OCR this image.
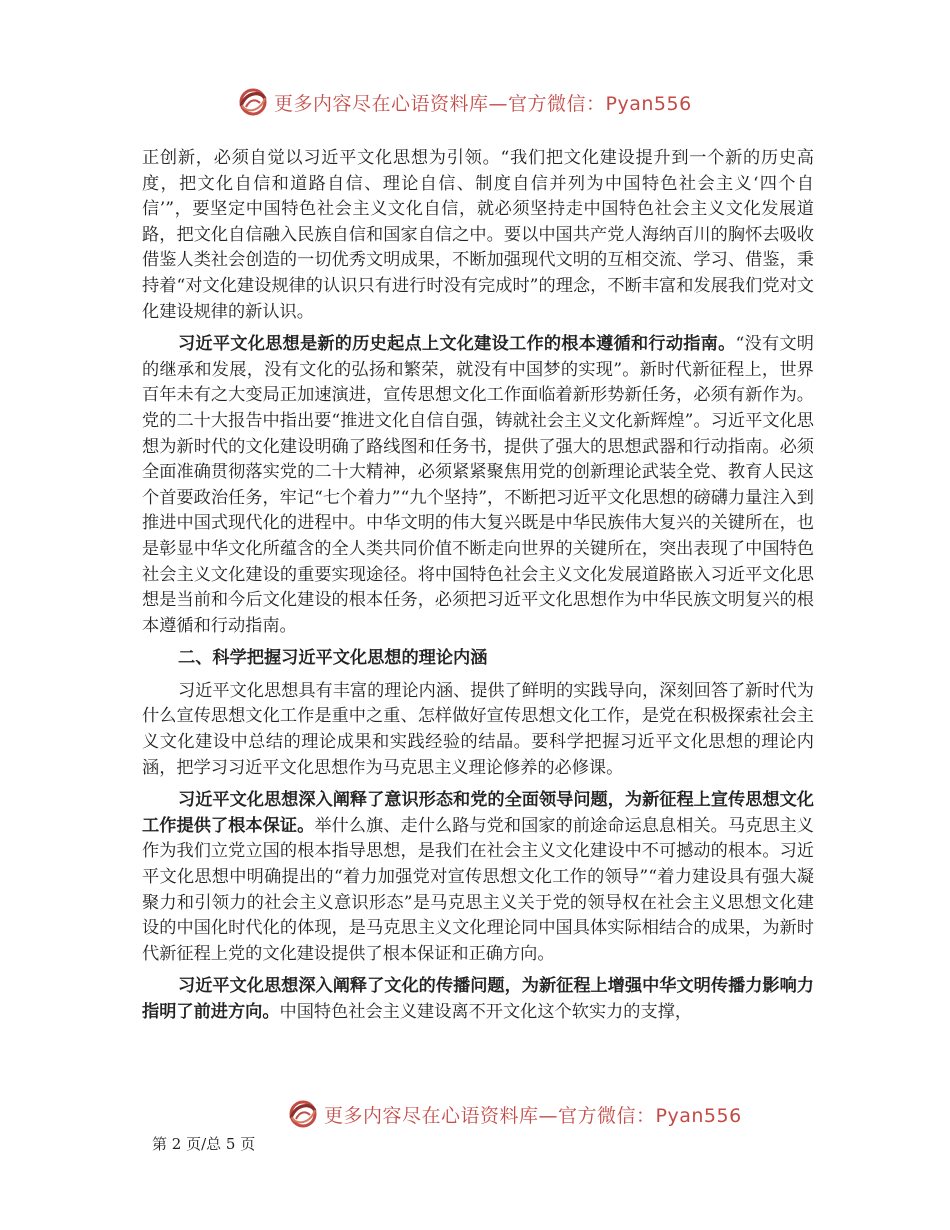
更多内容尽在心语资料库—官方微信：Pyan556

正创新，必须自觉以习近平文化思想为引领。“我们把文化建设提升到一个新的历史高度，把文化自信和道路自信、理论自信、制度自信并列为中国特色社会主义‘四个自信’”，要坚定中国特色社会主义文化自信，就必须坚持走中国特色社会主义文化发展道路，把文化自信融入民族自信和国家自信之中。要以中国共产党人海纳百川的胸怀去吸收借鉴人类社会创造的一切优秀文明成果，不断加强现代文明的互相交流、学习、借鉴，秉持着“对文化建设规律的认识只有进行时没有完成时”的理念，不断丰富和发展我们党对文化建设规律的新认识。

习近平文化思想是新的历史起点上文化建设工作的根本遵循和行动指南。“没有文明的继承和发展，没有文化的弘扬和繁荣，就没有中国梦的实现”。新时代新征程上，世界百年未有之大变局正加速演进，宣传思想文化工作面临着新形势新任务，必须有新作为。党的二十大报告中指出要“推进文化自信自强，铸就社会主义文化新辉煌”。习近平文化思想为新时代的文化建设明确了路线图和任务书，提供了强大的思想武器和行动指南。必须全面准确贯彻落实党的二十大精神，必须紧紧聚焦用党的创新理论武装全党、教育人民这个首要政治任务，牢记“七个着力”“九个坚持”，不断把习近平文化思想的磅礴力量注入到推进中国式现代化的进程中。中华文明的伟大复兴既是中华民族伟大复兴的关键所在，也是彰显中华文化所蕴含的全人类共同价值不断走向世界的关键所在，突出表现了中国特色社会主义文化建设的重要实现途径。将中国特色社会主义文化发展道路嵌入习近平文化思想是当前和今后文化建设的根本任务，必须把习近平文化思想作为中华民族文明复兴的根本遵循和行动指南。

二、科学把握习近平文化思想的理论内涵

习近平文化思想具有丰富的理论内涵、提供了鲜明的实践导向，深刻回答了新时代为什么宣传思想文化工作是重中之重、怎样做好宣传思想文化工作，是党在积极探索社会主义文化建设中总结的理论成果和实践经验的结晶。要科学把握习近平文化思想的理论内涵，把学习习近平文化思想作为马克思主义理论修养的必修课。

习近平文化思想深入阐释了意识形态和党的全面领导问题，为新征程上宣传思想文化工作提供了根本保证。举什么旗、走什么路与党和国家的前途命运息息相关。马克思主义作为我们立党立国的根本指导思想，是我们在社会主义文化建设中不可撼动的根本。习近平文化思想中明确提出的“着力加强党对宣传思想文化工作的领导”“着力建设具有强大凝聚力和引领力的社会主义意识形态”是马克思主义关于党的领导权在社会主义思想文化建设的中国化时代化的体现，是马克思主义文化理论同中国具体实际相结合的成果，为新时代新征程上党的文化建设提供了根本保证和正确方向。

习近平文化思想深入阐释了文化的传播问题，为新征程上增强中华文明传播力影响力指明了前进方向。中国特色社会主义建设离不开文化这个软实力的支撑，

更多内容尽在心语资料库—官方微信：Pyan556
第 2 页/总 5 页
